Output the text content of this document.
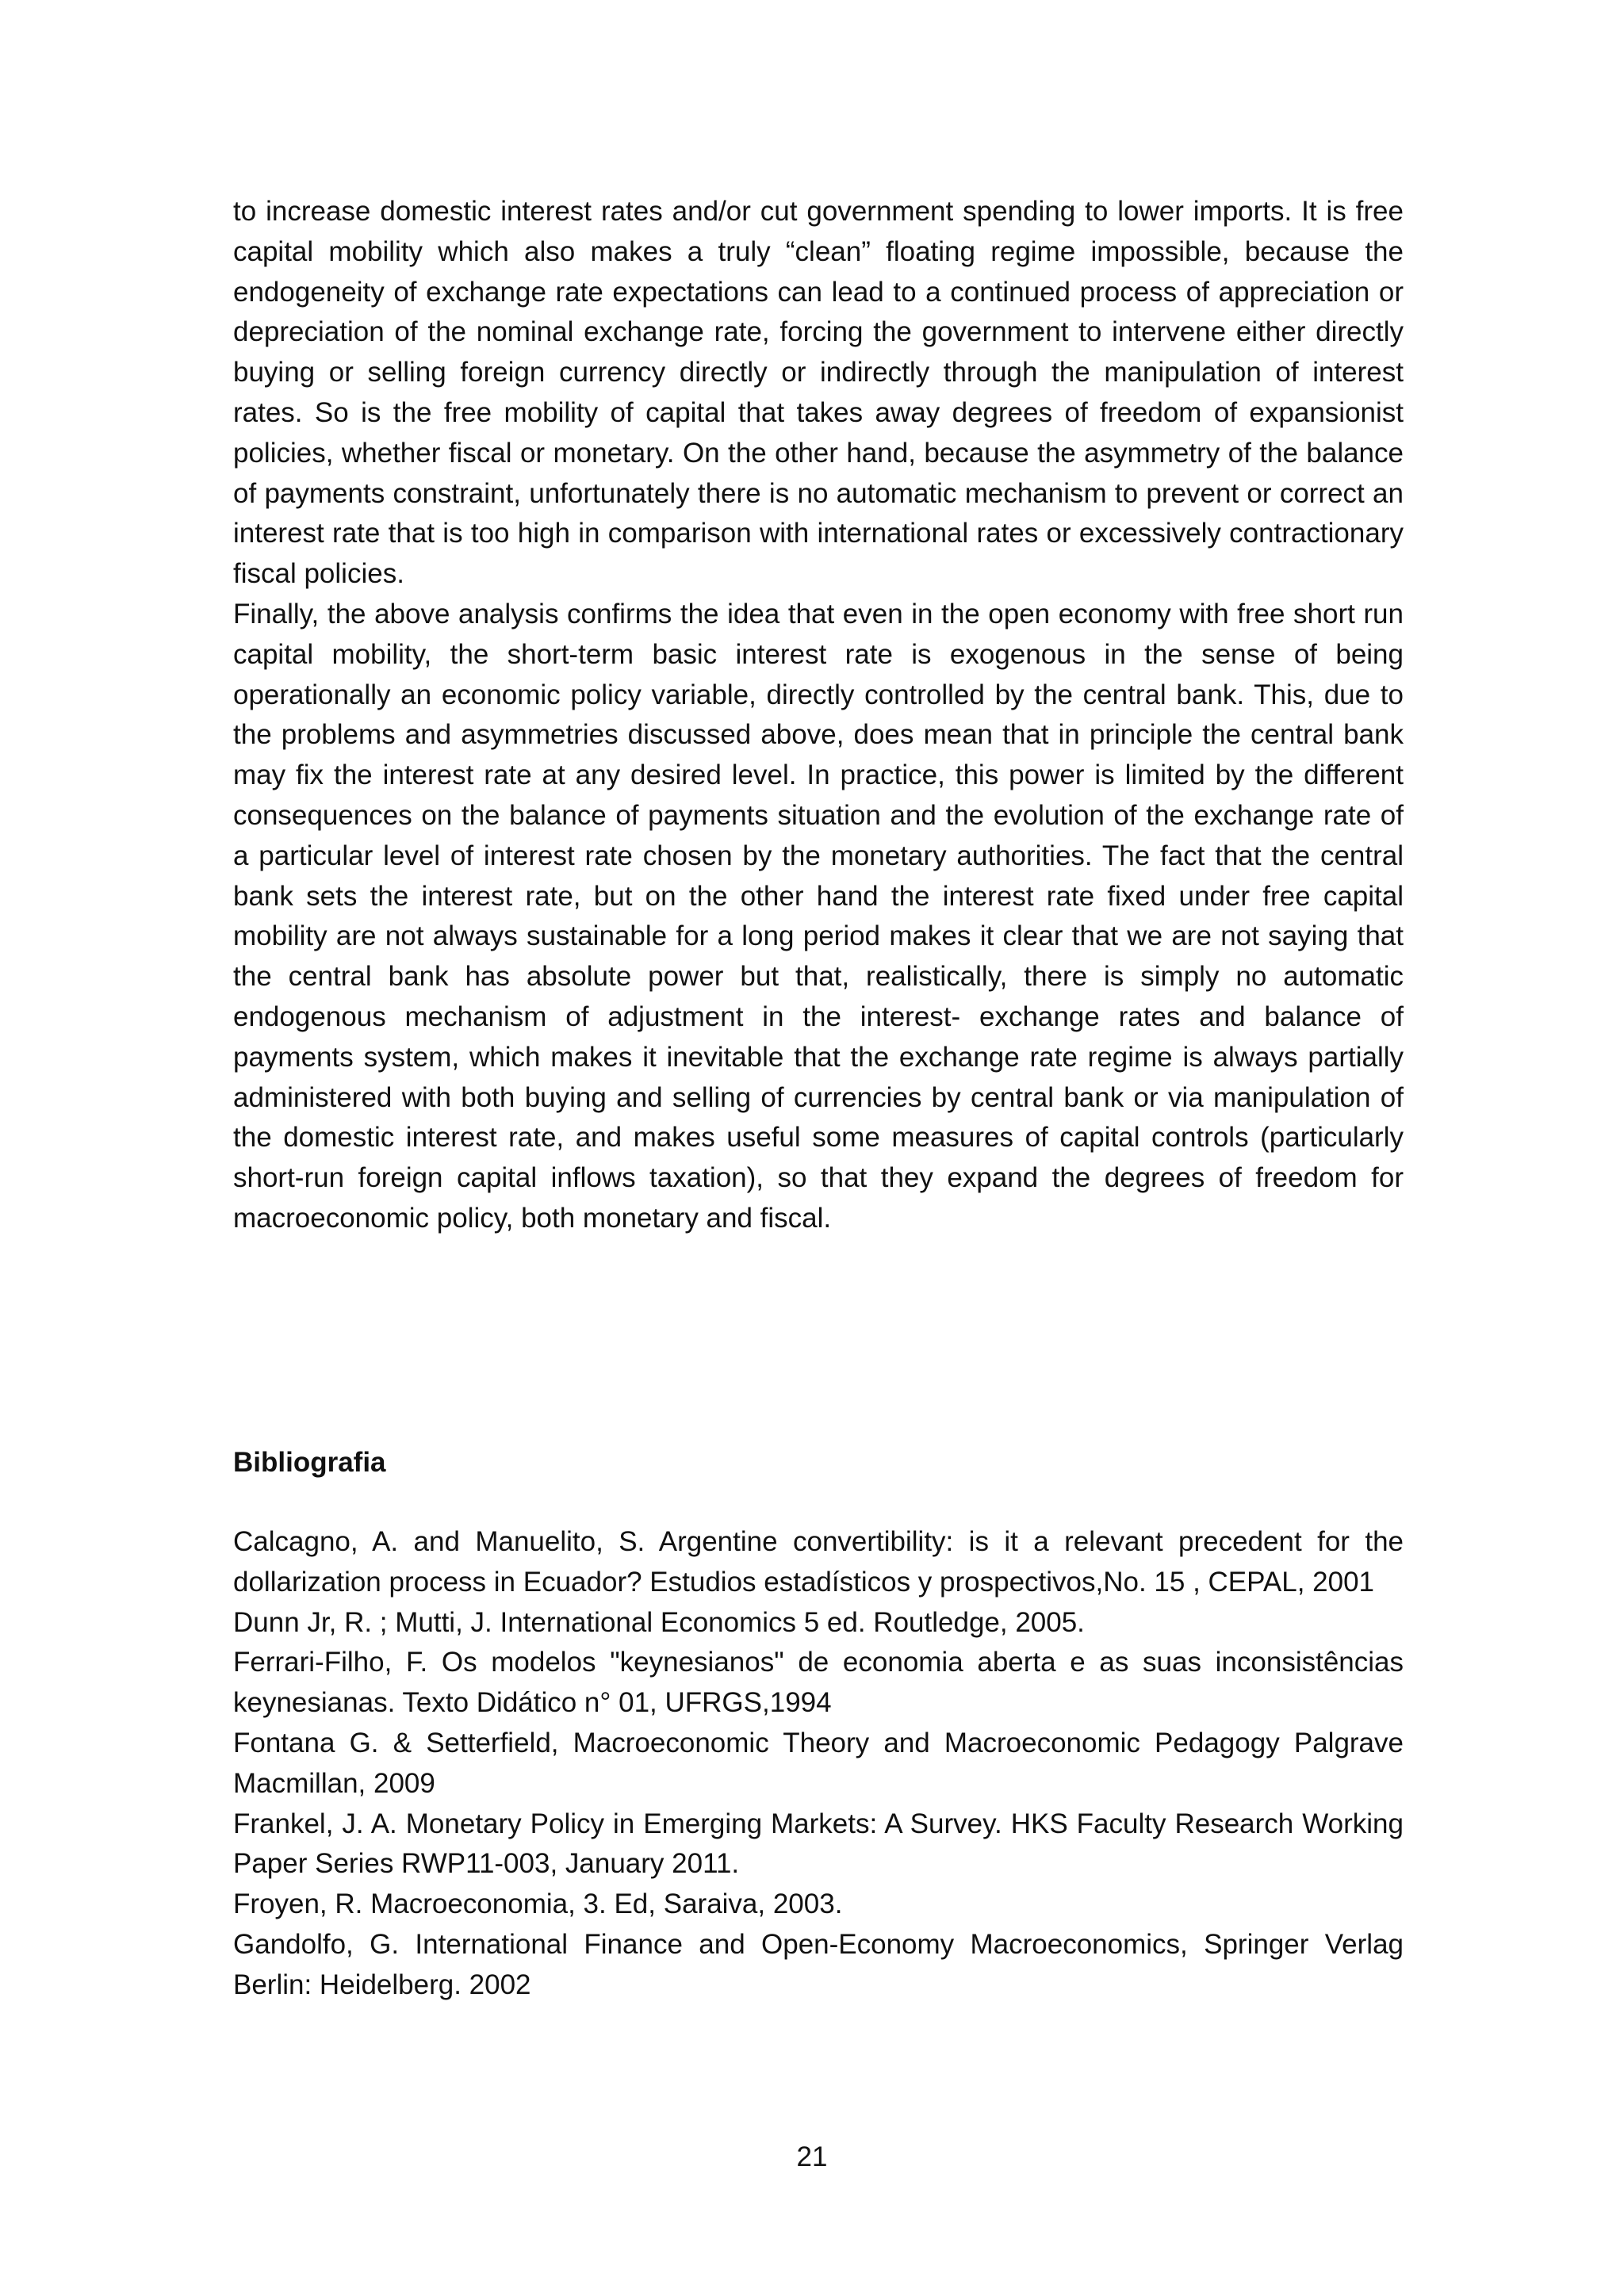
to increase domestic interest rates and/or cut government spending to lower imports. It is free capital mobility which also makes a truly “clean” floating regime impossible, because the endogeneity of exchange rate expectations can lead to a continued process of appreciation or depreciation of the nominal exchange rate, forcing the government to intervene either directly buying or selling foreign currency directly or indirectly through the manipulation of interest rates. So is the free mobility of capital that takes away degrees of freedom of expansionist policies, whether fiscal or monetary. On the other hand, because the asymmetry of the balance of payments constraint, unfortunately there is no automatic mechanism to prevent or correct an interest rate that is too high in comparison with international rates or excessively contractionary fiscal policies.

Finally, the above analysis confirms the idea that even in the open economy with free short run capital mobility, the short-term basic interest rate is exogenous in the sense of being operationally an economic policy variable, directly controlled by the central bank. This, due to the problems and asymmetries discussed above, does mean that in principle the central bank may fix the interest rate at any desired level. In practice, this power is limited by the different consequences on the balance of payments situation and the evolution of the exchange rate of a particular level of interest rate chosen by the monetary authorities. The fact that the central bank sets the interest rate, but on the other hand the interest rate fixed under free capital mobility are not always sustainable for a long period makes it clear that we are not saying that the central bank has absolute power but that, realistically, there is simply no automatic endogenous mechanism of adjustment in the interest- exchange rates and balance of payments system, which makes it inevitable that the exchange rate regime is always partially administered with both buying and selling of currencies by central bank or via manipulation of the domestic interest rate, and makes useful some measures of capital controls (particularly short-run foreign capital inflows taxation), so that they expand the degrees of freedom for macroeconomic policy, both monetary and fiscal.

Bibliografia

Calcagno, A. and Manuelito, S. Argentine convertibility: is it a relevant precedent for the dollarization process in Ecuador? Estudios estadísticos y prospectivos,No. 15 , CEPAL, 2001

Dunn Jr, R. ; Mutti, J. International Economics 5 ed. Routledge, 2005.

Ferrari-Filho, F. Os modelos "keynesianos" de economia aberta e as suas inconsistências keynesianas. Texto Didático n° 01, UFRGS,1994

Fontana G. & Setterfield, Macroeconomic Theory and Macroeconomic Pedagogy Palgrave Macmillan, 2009

Frankel, J. A. Monetary Policy in Emerging Markets: A Survey. HKS Faculty Research Working Paper Series RWP11-003, January 2011.

Froyen, R. Macroeconomia, 3. Ed, Saraiva, 2003.

Gandolfo, G. International Finance and Open-Economy Macroeconomics, Springer Verlag Berlin: Heidelberg. 2002

21
